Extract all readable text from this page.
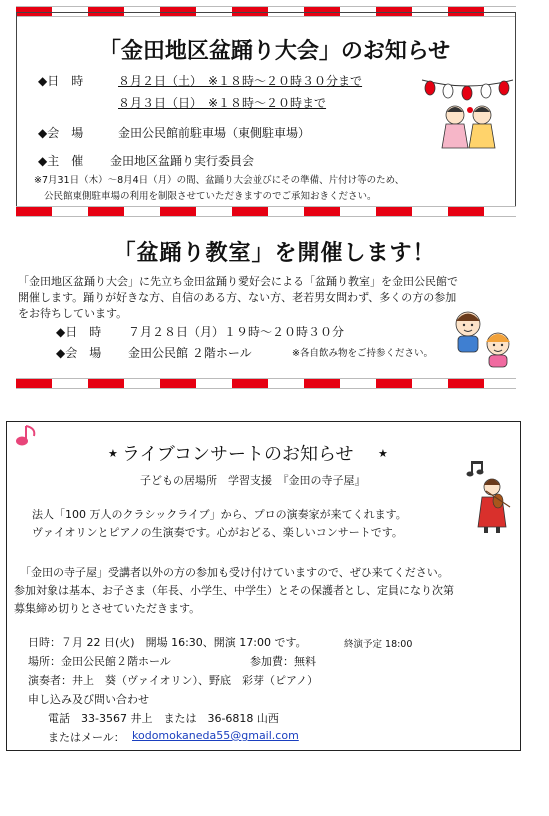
「金田地区盆踊り大会」のお知らせ
◆日　時	８月２日（土）　※１８時～２０時３０分まで
８月３日（日）　※１８時～２０時まで
◆会　場	金田公民館前駐車場（東側駐車場）
◆主　催 金田地区盆踊り実行委員会
※7月31日（木）～8月4日（月）の間、盆踊り大会並びにその準備、片付け等のため、
公民館東側駐車場の利用を制限させていただきますのでご承知おきください。
「盆踊り教室」を開催します！
「金田地区盆踊り大会」に先立ち金田盆踊り愛好会による「盆踊り教室」を金田公民館で
開催します。踊りが好きな方、自信のある方、ない方、老若男女問わず、多くの方の参加
をお待ちしています。
◆日　時 ７月２８日（月）１９時～２０時３０分
◆会　場 金田公民館 ２階ホール	※各自飲み物をご持参ください。
★ ライブコンサートのお知らせ ★
子どもの居場所　学習支援　『金田の寺子屋』
法人「100 万人のクラシックライブ」から、プロの演奏家が来てくれます。
ヴァイオリンとピアノの生演奏です。心がおどる、楽しいコンサートです。
「金田の寺子屋」受講者以外の方の参加も受け付けていますので、ぜひ来てください。
参加対象は基本、お子さま（年長、小学生、中学生）とその保護者とし、定員になり次第
募集締め切りとさせていただきます。
日時：７月 22 日(火)　開場 16:30、開演 17:00 です。	終演予定 18:00
場所：金田公民館２階ホール	参加費：無料
演奏者：井上　葵（ヴァイオリン）、野底　彩芽（ピアノ）
申し込み及び問い合わせ
電話　33-3567 井上　または　36-6818 山西
またはメール： kodomokaneda55@gmail.com
